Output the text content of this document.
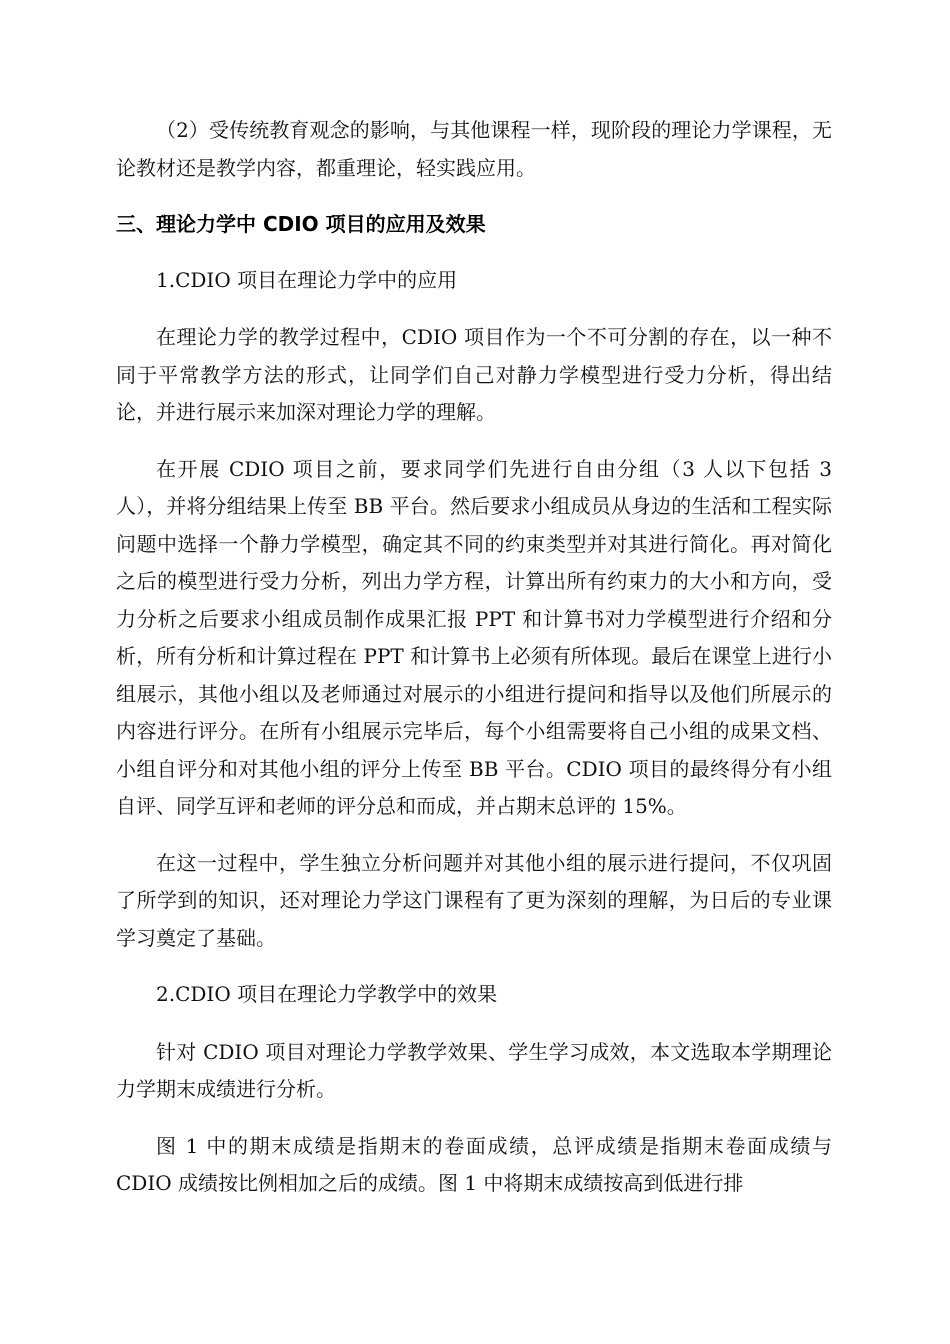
（2）受传统教育观念的影响，与其他课程一样，现阶段的理论力学课程，无论教材还是教学内容，都重理论，轻实践应用。

三、理论力学中 CDIO 项目的应用及效果

1.CDIO 项目在理论力学中的应用

在理论力学的教学过程中，CDIO 项目作为一个不可分割的存在，以一种不同于平常教学方法的形式，让同学们自己对静力学模型进行受力分析，得出结论，并进行展示来加深对理论力学的理解。

在开展 CDIO 项目之前，要求同学们先进行自由分组（3 人以下包括 3 人），并将分组结果上传至 BB 平台。然后要求小组成员从身边的生活和工程实际问题中选择一个静力学模型，确定其不同的约束类型并对其进行简化。再对简化之后的模型进行受力分析，列出力学方程，计算出所有约束力的大小和方向，受力分析之后要求小组成员制作成果汇报 PPT 和计算书对力学模型进行介绍和分析，所有分析和计算过程在 PPT 和计算书上必须有所体现。最后在课堂上进行小组展示，其他小组以及老师通过对展示的小组进行提问和指导以及他们所展示的内容进行评分。在所有小组展示完毕后，每个小组需要将自己小组的成果文档、小组自评分和对其他小组的评分上传至 BB 平台。CDIO 项目的最终得分有小组自评、同学互评和老师的评分总和而成，并占期末总评的 15%。

在这一过程中，学生独立分析问题并对其他小组的展示进行提问，不仅巩固了所学到的知识，还对理论力学这门课程有了更为深刻的理解，为日后的专业课学习奠定了基础。

2.CDIO 项目在理论力学教学中的效果

针对 CDIO 项目对理论力学教学效果、学生学习成效，本文选取本学期理论力学期末成绩进行分析。

图 1 中的期末成绩是指期末的卷面成绩，总评成绩是指期末卷面成绩与 CDIO 成绩按比例相加之后的成绩。图 1 中将期末成绩按高到低进行排
